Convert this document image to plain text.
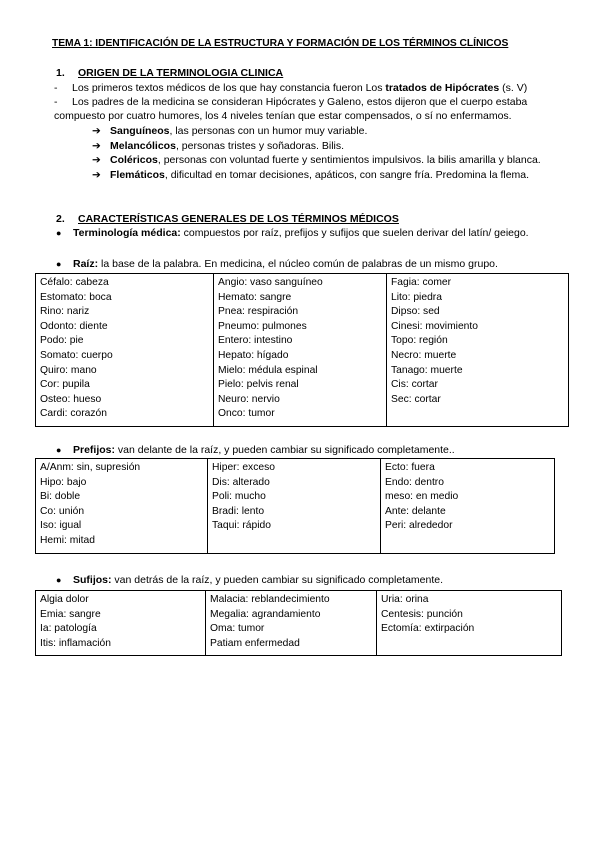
TEMA 1: IDENTIFICACIÓN DE LA ESTRUCTURA Y FORMACIÓN DE LOS TÉRMINOS CLÍNICOS
1. ORIGEN DE LA TERMINOLOGIA CLINICA
- Los primeros textos médicos de los que hay constancia fueron Los tratados de Hipócrates (s. V)
-	Los padres de la medicina se consideran Hipócrates y Galeno, estos dijeron que el cuerpo estaba compuesto por cuatro humores, los 4 niveles tenían que estar compensados, o sí no enfermamos.
➔ Sanguíneos, las personas con un humor muy variable.
➔ Melancólicos, personas tristes y soñadoras. Bilis.
➔ Coléricos, personas con voluntad fuerte y sentimientos impulsivos. la bilis amarilla y blanca.
➔ Flemáticos, dificultad en tomar decisiones, apáticos, con sangre fría. Predomina la flema.
2. CARACTERÍSTICAS GENERALES DE LOS TÉRMINOS MÉDICOS
● Terminología médica: compuestos por raíz, prefijos y sufijos que suelen derivar del latín/ geiego.
● Raíz: la base de la palabra. En medicina, el núcleo común de palabras de un mismo grupo.
Céfalo: cabeza
Estomato: boca
Rino: nariz
Odonto: diente
Podo: pie
Somato: cuerpo
Quiro: mano
Cor: pupila
Osteo: hueso
Cardi: corazón

Angio: vaso sanguíneo
Hemato: sangre
Pnea: respiración
Pneumo: pulmones
Entero: intestino
Hepato: hígado
Mielo: médula espinal
Pielo: pelvis renal
Neuro: nervio
Onco: tumor

Fagia: comer
Lito: piedra
Dipso: sed
Cinesi: movimiento
Topo: región
Necro: muerte
Tanago: muerte
Cis: cortar
Sec: cortar
● Prefijos: van delante de la raíz, y pueden cambiar su significado completamente..
A/Anm: sin, supresión
Hipo: bajo
Bi: doble
Co: unión
Iso: igual
Hemi: mitad

Hiper: exceso
Dis: alterado
Poli: mucho
Bradi: lento
Taqui: rápido

Ecto: fuera
Endo: dentro
meso: en medio
Ante: delante
Peri: alrededor
● Sufijos: van detrás de la raíz, y pueden cambiar su significado completamente.
Algia dolor
Emia: sangre
Ia: patología
Itis: inflamación

Malacia: reblandecimiento
Megalia: agrandamiento
Oma: tumor
Patiam enfermedad

Uria: orina
Centesis: punción
Ectomía: extirpación
